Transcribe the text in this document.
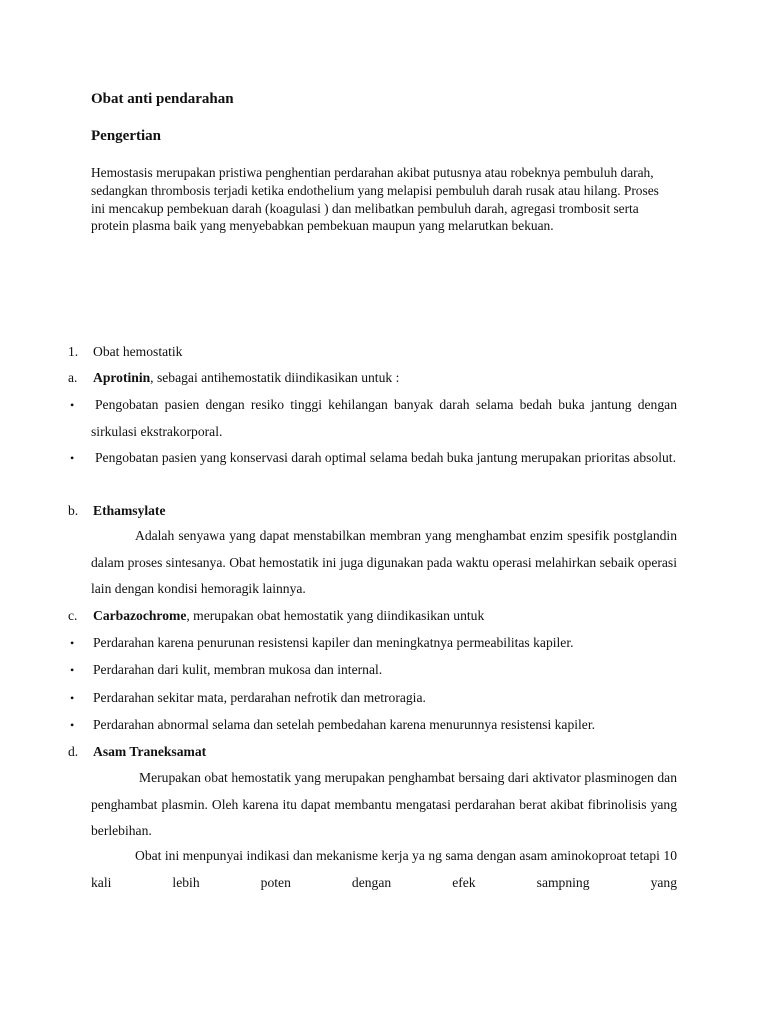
Obat anti pendarahan
Pengertian

Hemostasis merupakan pristiwa penghentian perdarahan akibat putusnya atau robeknya pembuluh darah, sedangkan thrombosis terjadi ketika endothelium yang melapisi pembuluh darah rusak atau hilang. Proses ini mencakup pembekuan darah (koagulasi ) dan melibatkan pembuluh darah, agregasi trombosit serta protein plasma baik yang menyebabkan pembekuan maupun yang melarutkan bekuan.

1.	Obat hemostatik
a.	Aprotinin, sebagai antihemostatik diindikasikan untuk :
• Pengobatan pasien dengan resiko tinggi kehilangan banyak darah selama bedah buka jantung dengan sirkulasi ekstrakorporal.

• Pengobatan pasien yang konservasi darah optimal selama bedah buka jantung merupakan prioritas absolut.

b.	Ethamsylate

Adalah senyawa yang dapat menstabilkan membran yang menghambat enzim spesifik postglandin dalam proses sintesanya. Obat hemostatik ini juga digunakan pada waktu operasi melahirkan sebaik operasi lain dengan kondisi hemoragik lainnya.

c.	Carbazochrome, merupakan obat hemostatik yang diindikasikan untuk
• Perdarahan karena penurunan resistensi kapiler dan meningkatnya permeabilitas kapiler.
• Perdarahan dari kulit, membran mukosa dan internal.
• Perdarahan sekitar mata, perdarahan nefrotik dan metroragia.
• Perdarahan abnormal selama dan setelah pembedahan karena menurunnya resistensi kapiler.
d.	Asam Traneksamat

Merupakan obat hemostatik yang merupakan penghambat bersaing dari aktivator plasminogen dan penghambat plasmin. Oleh karena itu dapat membantu mengatasi perdarahan berat akibat fibrinolisis yang berlebihan.

Obat ini menpunyai indikasi dan mekanisme kerja ya ng sama dengan asam aminokoproat tetapi 10 kali lebih poten dengan efek sampning yang
